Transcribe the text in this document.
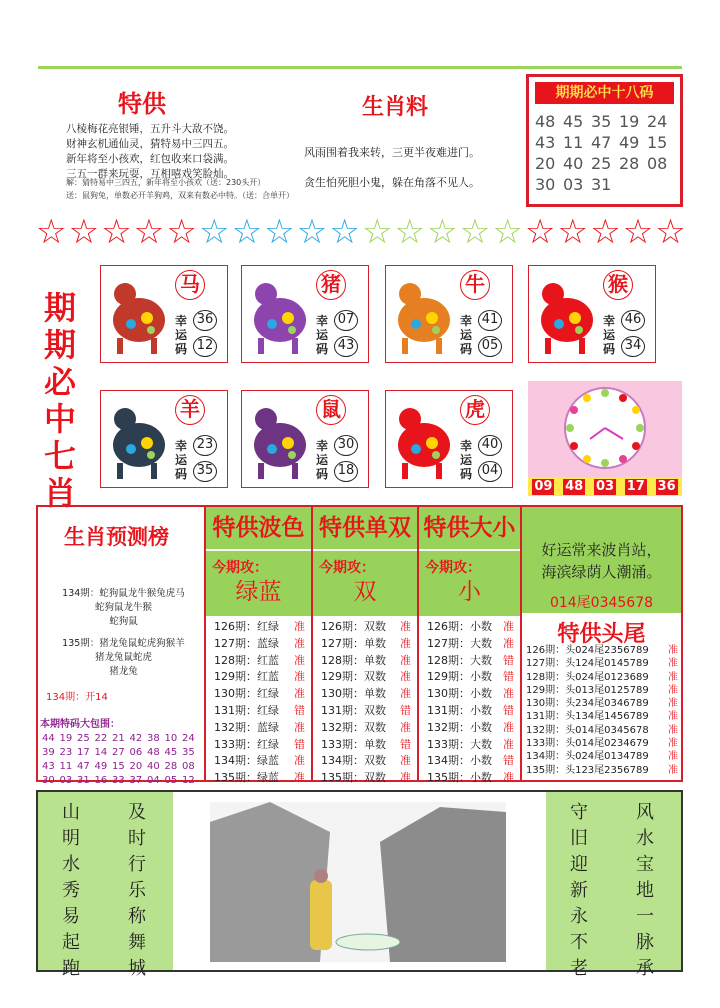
特供
八棱梅花亮银锤，五升斗大敌不饶。
财神玄机通仙灵，猜特易中三四五。
新年将至小孩欢，红包收来口袋满。
三五一群来玩耍，互相嘻戏笑脸灿。
解：猜特易中三四五，新年将至小孩欢（送：230头开）
送：鼠狗兔，单数必开羊狗鸡，双来有数必中特。（送：合单开）
生肖料
风雨围着我来转，三更半夜难进门。
贪生怕死胆小鬼，躲在角落不见人。
期期必中十八码
48 45 35 19 24
43 11 47 49 15
20 40 25 28 08
30 03 31
☆ ☆ ☆ ☆ ☆ ☆ ☆ ☆ ☆ ☆ ☆ ☆ ☆ ☆ ☆ ☆ ☆ ☆ ☆ ☆
期
期
必
中
七
肖
马
幸
运
码
36
12
猪
幸
运
码
07
43
牛
幸
运
码
41
05
猴
幸
运
码
46
34
羊
幸
运
码
23
35
鼠
幸
运
码
30
18
虎
幸
运
码
40
04
09 48 03 17 36
生肖预测榜
134期：蛇狗鼠龙牛猴兔虎马
蛇狗鼠龙牛猴
蛇狗鼠
135期：猪龙兔鼠蛇虎狗猴羊
猪龙兔鼠蛇虎
猪龙兔
134期：开14
本期特码大包围：
44 19 25 22 21 42 38 10 24
39 23 17 14 27 06 48 45 35
43 11 47 49 15 20 40 28 08
30 03 31 16 33 37 04 05 12
特供波色
今期攻：
绿蓝
126期：红绿 准
127期：蓝绿 准
128期：红蓝 准
129期：红蓝 准
130期：红绿 准
131期：红绿 错
132期：蓝绿 准
133期：红绿 错
134期：绿蓝 准
135期：绿蓝 准
特供单双
今期攻：
双
126期：双数 准
127期：单数 准
128期：单数 准
129期：双数 准
130期：单数 准
131期：双数 错
132期：双数 准
133期：单数 错
134期：双数 准
135期：双数 准
特供大小
今期攻：
小
126期：小数 准
127期：大数 准
128期：大数 错
129期：小数 错
130期：小数 准
131期：小数 错
132期：小数 准
133期：大数 准
134期：小数 错
135期：小数 准
好运常来波肖站，
海滨绿荫人潮涌。
014尾0345678
特供头尾
126期：头024尾2356789 准
127期：头124尾0145789 准
128期：头024尾0123689 准
129期：头013尾0125789 准
130期：头234尾0346789 准
131期：头134尾1456789 准
132期：头014尾0345678 准
133期：头014尾0234679 准
134期：头024尾0134789 准
135期：头123尾2356789 准
山
明
水
秀
易
起
跑
及
时
行
乐
称
舞
城
守
旧
迎
新
永
不
老
风
水
宝
地
一
脉
承
